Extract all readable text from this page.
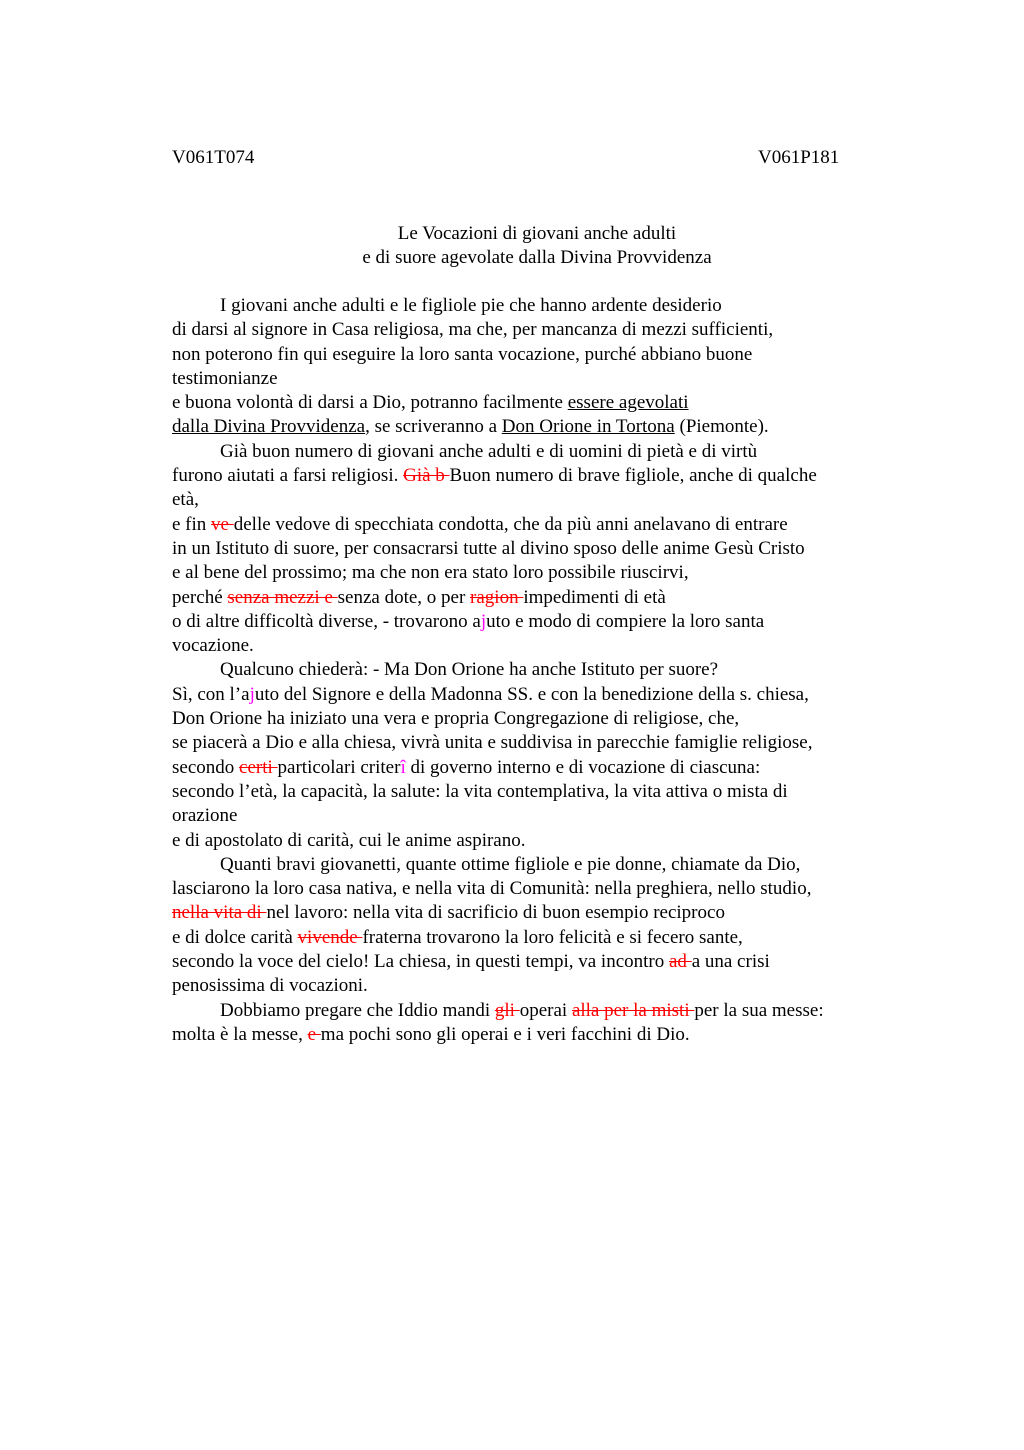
V061T074	V061P181
Le Vocazioni di giovani anche adulti
e di suore agevolate dalla Divina Provvidenza
I giovani anche adulti e le figliole pie che hanno ardente desiderio
di darsi al signore in Casa religiosa, ma che, per mancanza di mezzi sufficienti,
non poterono fin qui eseguire la loro santa vocazione, purché abbiano buone
testimonianze
e buona volontà di darsi a Dio, potranno facilmente essere agevolati
dalla Divina Provvidenza, se scriveranno a Don Orione in Tortona (Piemonte).
Già buon numero di giovani anche adulti e di uomini di pietà e di virtù
furono aiutati a farsi religiosi. Già b Buon numero di brave figliole, anche di qualche
età,
e fin ve delle vedove di specchiata condotta, che da più anni anelavano di entrare
in un Istituto di suore, per consacrarsi tutte al divino sposo delle anime Gesù Cristo
e al bene del prossimo; ma che non era stato loro possibile riuscirvi,
perché senza mezzi e senza dote, o per ragion impedimenti di età
o di altre difficoltà diverse, - trovarono ajuto e modo di compiere la loro santa
vocazione.
Qualcuno chiederà: - Ma Don Orione ha anche Istituto per suore?
Sì, con l’ajuto del Signore e della Madonna SS. e con la benedizione della s. chiesa,
Don Orione ha iniziato una vera e propria Congregazione di religiose, che,
se piacerà a Dio e alla chiesa, vivrà unita e suddivisa in parecchie famiglie religiose,
secondo certi particolari criterî di governo interno e di vocazione di ciascuna:
secondo l’età, la capacità, la salute: la vita contemplativa, la vita attiva o mista di
orazione
e di apostolato di carità, cui le anime aspirano.
Quanti bravi giovanetti, quante ottime figliole e pie donne, chiamate da Dio,
lasciarono la loro casa nativa, e nella vita di Comunità: nella preghiera, nello studio,
nella vita di nel lavoro: nella vita di sacrificio di buon esempio reciproco
e di dolce carità vivende fraterna trovarono la loro felicità e si fecero sante,
secondo la voce del cielo! La chiesa, in questi tempi, va incontro ad a una crisi
penosissima di vocazioni.
Dobbiamo pregare che Iddio mandi gli operai alla per la misti per la sua messe:
molta è la messe, e ma pochi sono gli operai e i veri facchini di Dio.
